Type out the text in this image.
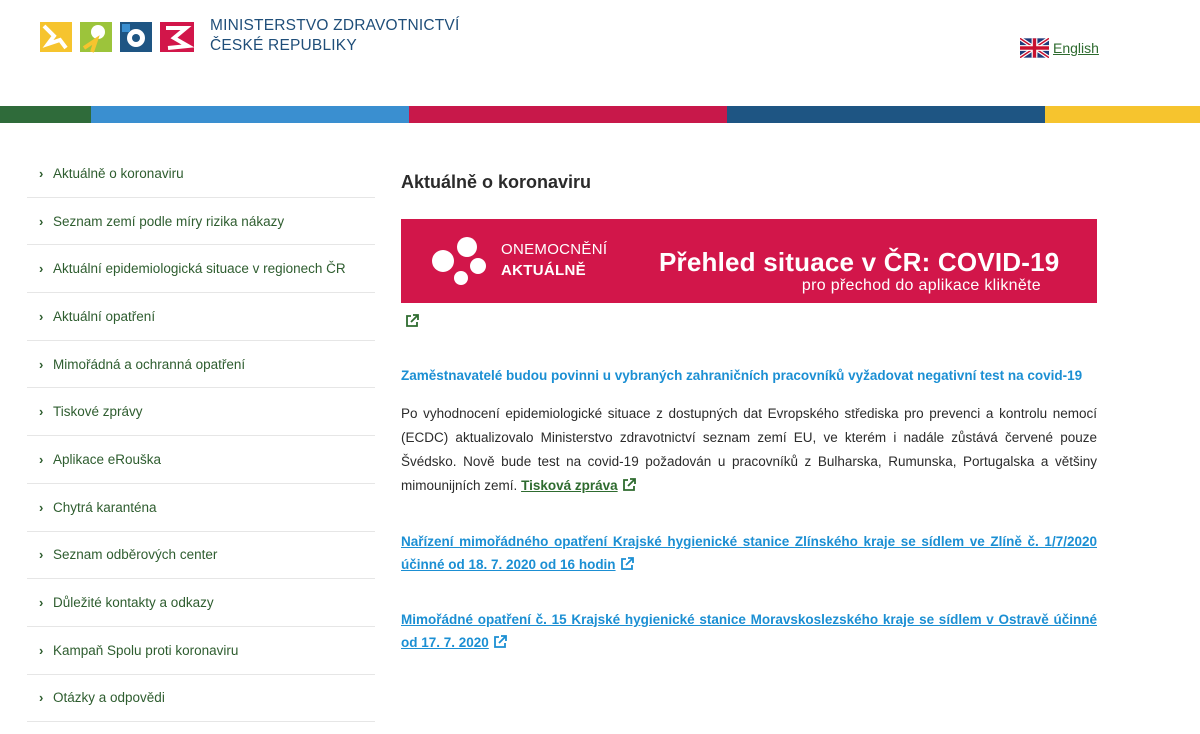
MINISTERSTVO ZDRAVOTNICTVÍ
ČESKÉ REPUBLIKY	English
› Aktuálně o koronaviru
› Seznam zemí podle míry rizika nákazy
› Aktuální epidemiologická situace v regionech ČR
› Aktuální opatření
› Mimořádná a ochranná opatření
› Tiskové zprávy
› Aplikace eRouška
› Chytrá karanténa
› Seznam odběrových center
› Důležité kontakty a odkazy
› Kampaň Spolu proti koronaviru
› Otázky a odpovědi
Aktuálně o koronaviru
ONEMOCNĚNÍ
AKTUÁLNĚ	Přehled situace v ČR: COVID-19
pro přechod do aplikace klikněte
Zaměstnavatelé budou povinni u vybraných zahraničních pracovníků vyžadovat negativní test na covid-19

Po vyhodnocení epidemiologické situace z dostupných dat Evropského střediska pro prevenci a kontrolu nemocí (ECDC) aktualizovalo Ministerstvo zdravotnictví seznam zemí EU, ve kterém i nadále zůstává červené pouze Švédsko. Nově bude test na covid-19 požadován u pracovníků z Bulharska, Rumunska, Portugalska a většiny mimounijních zemí. Tisková zpráva

Nařízení mimořádného opatření Krajské hygienické stanice Zlínského kraje se sídlem ve Zlíně č. 1/7/2020 účinné od 18. 7. 2020 od 16 hodin
Mimořádné opatření č. 15 Krajské hygienické stanice Moravskoslezského kraje se sídlem v Ostravě účinné od 17. 7. 2020
